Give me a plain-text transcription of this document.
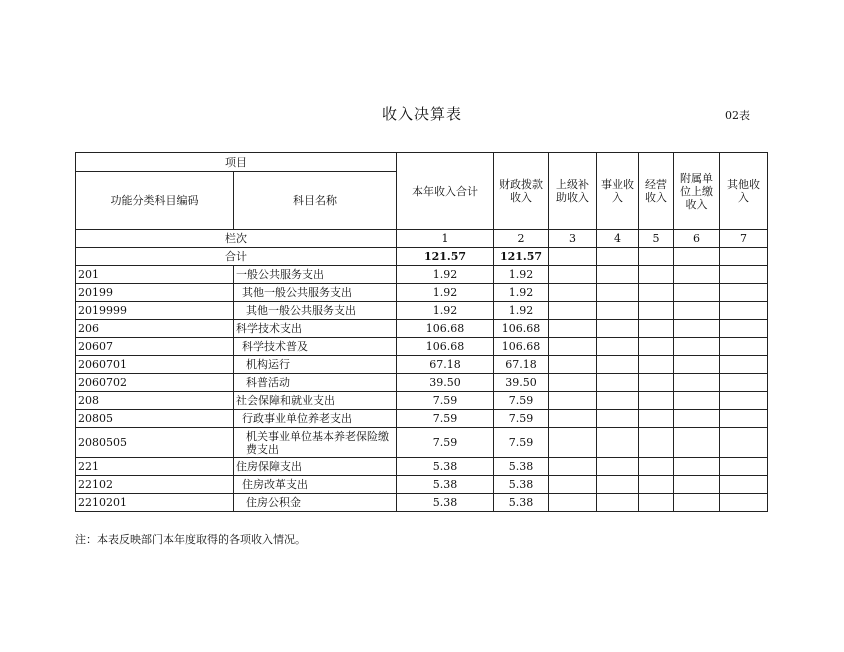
收入决算表	02表
项目		本年收入合计	财政拨款收入	上级补助收入	事业收入	经营收入	附属单位上缴收入	其他收入
功能分类科目编码	科目名称							
栏次		1	2	3	4	5	6	7
合计		121.57	121.57					
201	一般公共服务支出	1.92	1.92					
20199	其他一般公共服务支出	1.92	1.92					
2019999	其他一般公共服务支出	1.92	1.92					
206	科学技术支出	106.68	106.68					
20607	科学技术普及	106.68	106.68					
2060701	机构运行	67.18	67.18					
2060702	科普活动	39.50	39.50					
208	社会保障和就业支出	7.59	7.59					
20805	行政事业单位养老支出	7.59	7.59					
2080505	机关事业单位基本养老保险缴费支出	7.59	7.59					
221	住房保障支出	5.38	5.38					
22102	住房改革支出	5.38	5.38					
2210201	住房公积金	5.38	5.38					
注：本表反映部门本年度取得的各项收入情况。
